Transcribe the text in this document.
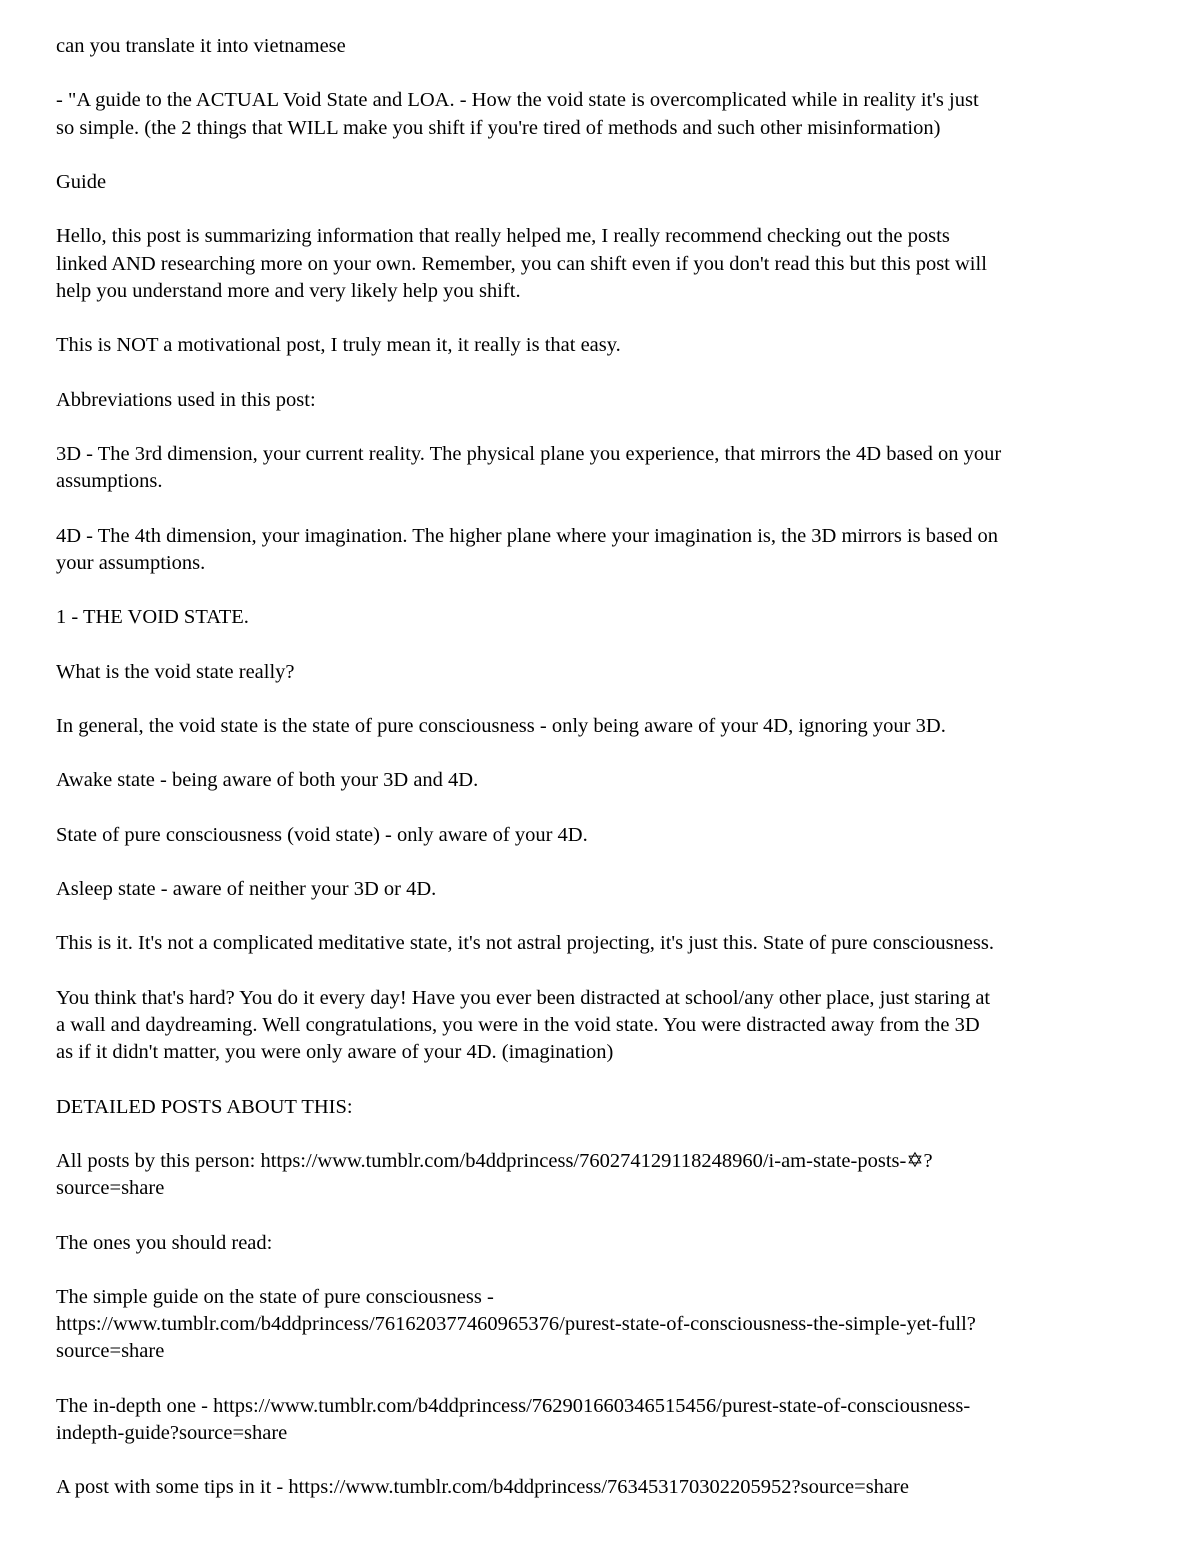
can you translate it into vietnamese

- "A guide to the ACTUAL Void State and LOA. - How the void state is overcomplicated while in reality it's just
so simple. (the 2 things that WILL make you shift if you're tired of methods and such other misinformation)

Guide

Hello, this post is summarizing information that really helped me, I really recommend checking out the posts
linked AND researching more on your own. Remember, you can shift even if you don't read this but this post will
help you understand more and very likely help you shift.

This is NOT a motivational post, I truly mean it, it really is that easy.

Abbreviations used in this post:

3D - The 3rd dimension, your current reality. The physical plane you experience, that mirrors the 4D based on your
assumptions.

4D - The 4th dimension, your imagination. The higher plane where your imagination is, the 3D mirrors is based on
your assumptions.

1 - THE VOID STATE.

What is the void state really?

In general, the void state is the state of pure consciousness - only being aware of your 4D, ignoring your 3D.

Awake state - being aware of both your 3D and 4D.

State of pure consciousness (void state) - only aware of your 4D.

Asleep state - aware of neither your 3D or 4D.

This is it. It's not a complicated meditative state, it's not astral projecting, it's just this. State of pure consciousness.

You think that's hard? You do it every day! Have you ever been distracted at school/any other place, just staring at
a wall and daydreaming. Well congratulations, you were in the void state. You were distracted away from the 3D
as if it didn't matter, you were only aware of your 4D. (imagination)

DETAILED POSTS ABOUT THIS:

All posts by this person: https://www.tumblr.com/b4ddprincess/760274129118248960/i-am-state-posts-✡?
source=share

The ones you should read:

The simple guide on the state of pure consciousness -
https://www.tumblr.com/b4ddprincess/761620377460965376/purest-state-of-consciousness-the-simple-yet-full?
source=share

The in-depth one - https://www.tumblr.com/b4ddprincess/762901660346515456/purest-state-of-consciousness-
indepth-guide?source=share

A post with some tips in it - https://www.tumblr.com/b4ddprincess/763453170302205952?source=share
